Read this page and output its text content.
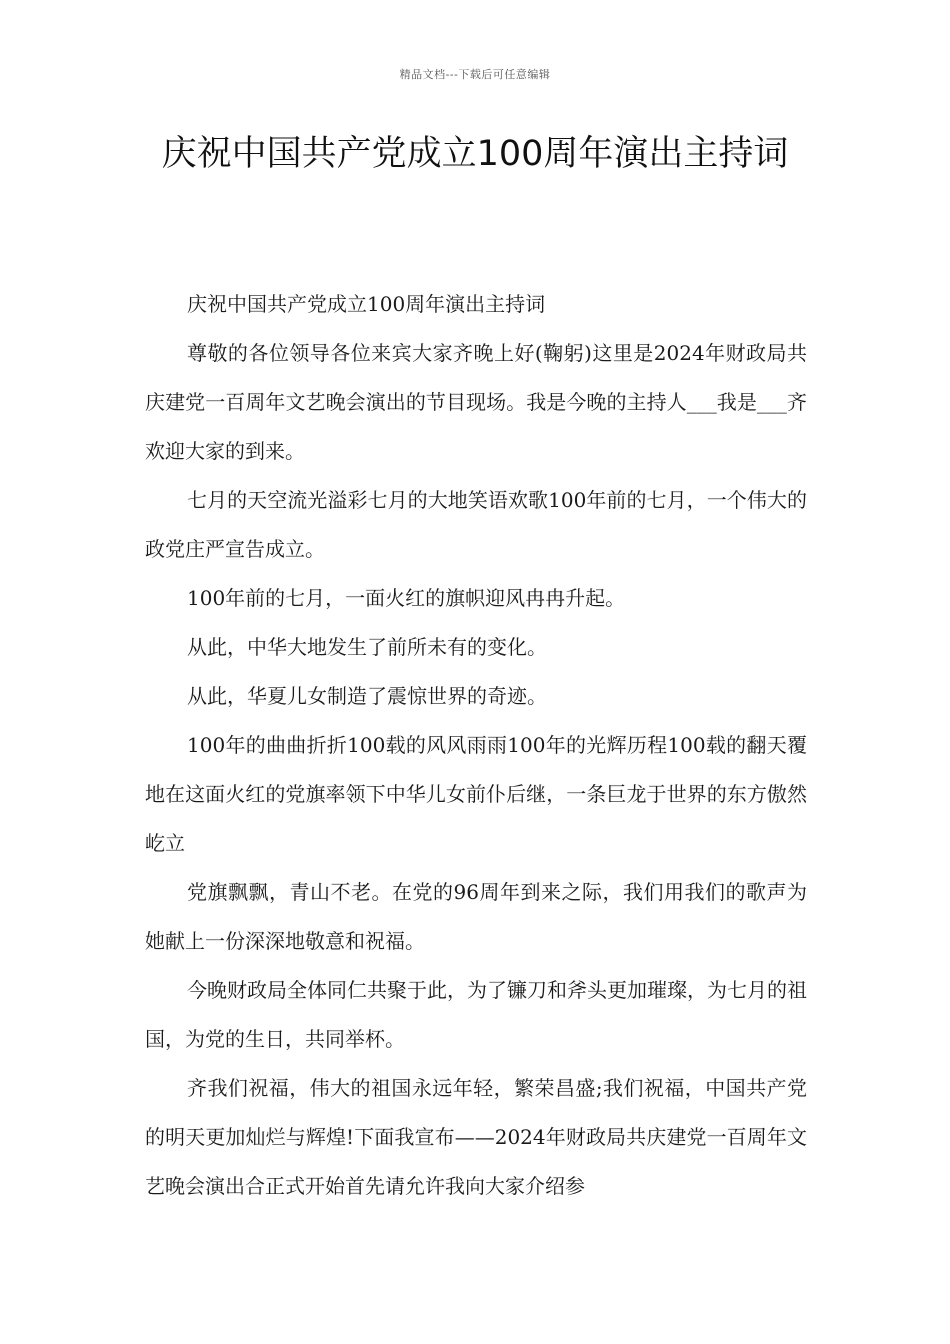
精品文档---下载后可任意编辑
庆祝中国共产党成立100周年演出主持词

庆祝中国共产党成立100周年演出主持词

尊敬的各位领导各位来宾大家齐晚上好(鞠躬)这里是2024年财政局共庆建党一百周年文艺晚会演出的节目现场。我是今晚的主持人___我是___齐欢迎大家的到来。

七月的天空流光溢彩七月的大地笑语欢歌100年前的七月，一个伟大的政党庄严宣告成立。

100年前的七月，一面火红的旗帜迎风冉冉升起。

从此，中华大地发生了前所未有的变化。

从此，华夏儿女制造了震惊世界的奇迹。

100年的曲曲折折100载的风风雨雨100年的光辉历程100载的翻天覆地在这面火红的党旗率领下中华儿女前仆后继，一条巨龙于世界的东方傲然屹立

党旗飘飘，青山不老。在党的96周年到来之际，我们用我们的歌声为她献上一份深深地敬意和祝福。

今晚财政局全体同仁共聚于此，为了镰刀和斧头更加璀璨，为七月的祖国，为党的生日，共同举杯。

齐我们祝福，伟大的祖国永远年轻，繁荣昌盛;我们祝福，中国共产党的明天更加灿烂与辉煌!下面我宣布——2024年财政局共庆建党一百周年文艺晚会演出合正式开始首先请允许我向大家介绍参
